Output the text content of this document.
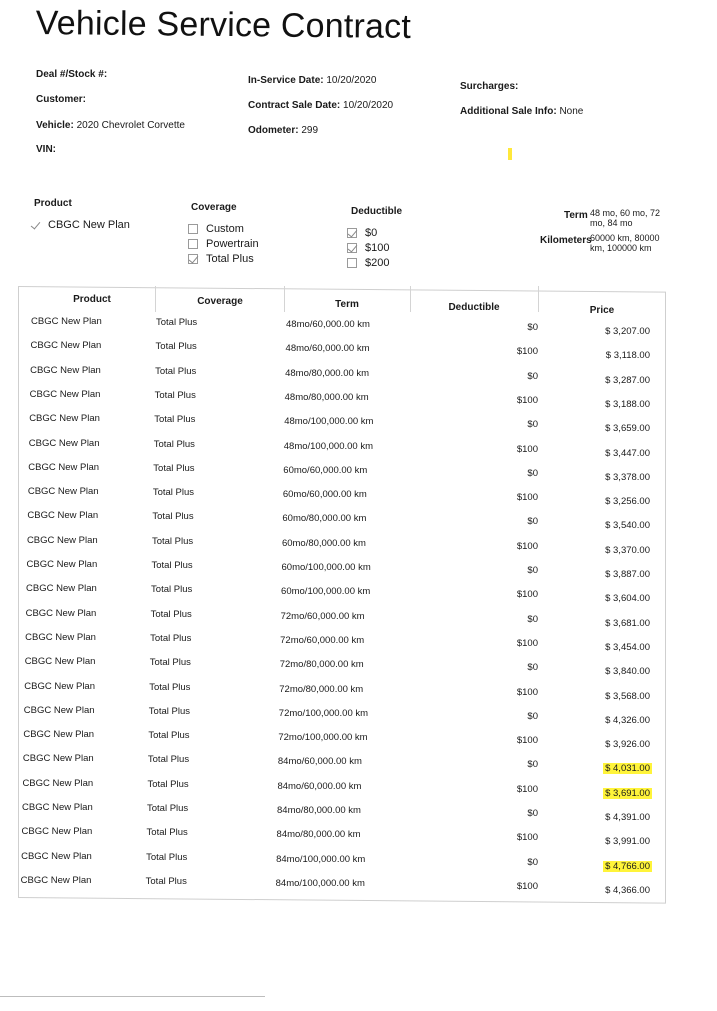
Vehicle Service Contract
Deal #/Stock #:
Customer:
Vehicle: 2020 Chevrolet Corvette
VIN:
In-Service Date: 10/20/2020
Contract Sale Date: 10/20/2020
Odometer: 299
Surcharges:
Additional Sale Info: None
Product
CBGC New Plan
Coverage
Custom
Powertrain
Total Plus
Deductible
$0
$100
$200
Term 48 mo, 60 mo, 72 mo, 84 mo
Kilometers
60000 km, 80000 km, 100000 km
Product	Coverage	Term	Deductible	Price
CBGC New Plan	Total Plus	48mo/60,000.00 km	$0	$ 3,207.00
CBGC New Plan	Total Plus	48mo/60,000.00 km	$100	$ 3,118.00
CBGC New Plan	Total Plus	48mo/80,000.00 km	$0	$ 3,287.00
CBGC New Plan	Total Plus	48mo/80,000.00 km	$100	$ 3,188.00
CBGC New Plan	Total Plus	48mo/100,000.00 km	$0	$ 3,659.00
CBGC New Plan	Total Plus	48mo/100,000.00 km	$100	$ 3,447.00
CBGC New Plan	Total Plus	60mo/60,000.00 km	$0	$ 3,378.00
CBGC New Plan	Total Plus	60mo/60,000.00 km	$100	$ 3,256.00
CBGC New Plan	Total Plus	60mo/80,000.00 km	$0	$ 3,540.00
CBGC New Plan	Total Plus	60mo/80,000.00 km	$100	$ 3,370.00
CBGC New Plan	Total Plus	60mo/100,000.00 km	$0	$ 3,887.00
CBGC New Plan	Total Plus	60mo/100,000.00 km	$100	$ 3,604.00
CBGC New Plan	Total Plus	72mo/60,000.00 km	$0	$ 3,681.00
CBGC New Plan	Total Plus	72mo/60,000.00 km	$100	$ 3,454.00
CBGC New Plan	Total Plus	72mo/80,000.00 km	$0	$ 3,840.00
CBGC New Plan	Total Plus	72mo/80,000.00 km	$100	$ 3,568.00
CBGC New Plan	Total Plus	72mo/100,000.00 km	$0	$ 4,326.00
CBGC New Plan	Total Plus	72mo/100,000.00 km	$100	$ 3,926.00
CBGC New Plan	Total Plus	84mo/60,000.00 km	$0	$ 4,031.00
CBGC New Plan	Total Plus	84mo/60,000.00 km	$100	$ 3,691.00
CBGC New Plan	Total Plus	84mo/80,000.00 km	$0	$ 4,391.00
CBGC New Plan	Total Plus	84mo/80,000.00 km	$100	$ 3,991.00
CBGC New Plan	Total Plus	84mo/100,000.00 km	$0	$ 4,766.00
CBGC New Plan	Total Plus	84mo/100,000.00 km	$100	$ 4,366.00
